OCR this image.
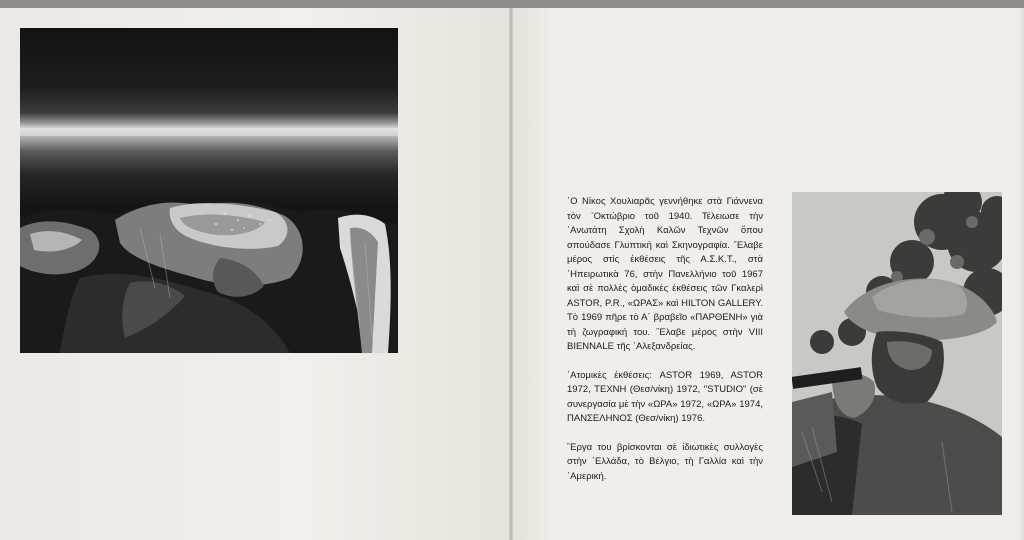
῾Ο Νίκος Χουλιαρᾶς γεννήθηκε στὰ Γιάννενα τὸν ᾿Οκτώβριο τοῦ 1940. Τέλειωσε τὴν ᾿Ανωτάτη Σχολὴ Καλῶν Τεχνῶν ὅπου σπούδασε Γλυπτικὴ καὶ Σκηνογραφία. ῎Ελαβε μέρος στὶς ἐκθέσεις τῆς Α.Σ.Κ.Τ., στὰ ᾿Ηπειρωτικὰ 76, στὴν Πανελλήνιο τοῦ 1967 καὶ σὲ πολλὲς ὁμαδικὲς ἐκθέσεις τῶν Γκαλερὶ ASTOR, P.R., «ΩΡΑΣ» καὶ HILTON GALLERY. Τὸ 1969 πῆρε τὸ Α΄ βραβεῖο «ΠΑΡΘΕΝΗ» γιὰ τὴ ζωγραφική του. ῎Ελαβε μέρος στὴν VIII BIENNALE τῆς ᾿Αλεξανδρείας.

᾿Ατομικὲς ἐκθέσεις: ASTOR 1969, ASTOR 1972, ΤΕΧΝΗ (Θεσ/νίκη) 1972, "STUDIO" (σὲ συνεργασία μὲ τὴν «ΩΡΑ» 1972, «ΩΡΑ» 1974, ΠΑΝΣΕΛΗΝΟΣ (Θεσ/νίκη) 1976.

῎Εργα του βρίσκονται σὲ ἰδιωτικὲς συλλογὲς στὴν ῾Ελλάδα, τὸ Βέλγιο, τὴ Γαλλία καὶ τὴν ᾿Αμερική.
